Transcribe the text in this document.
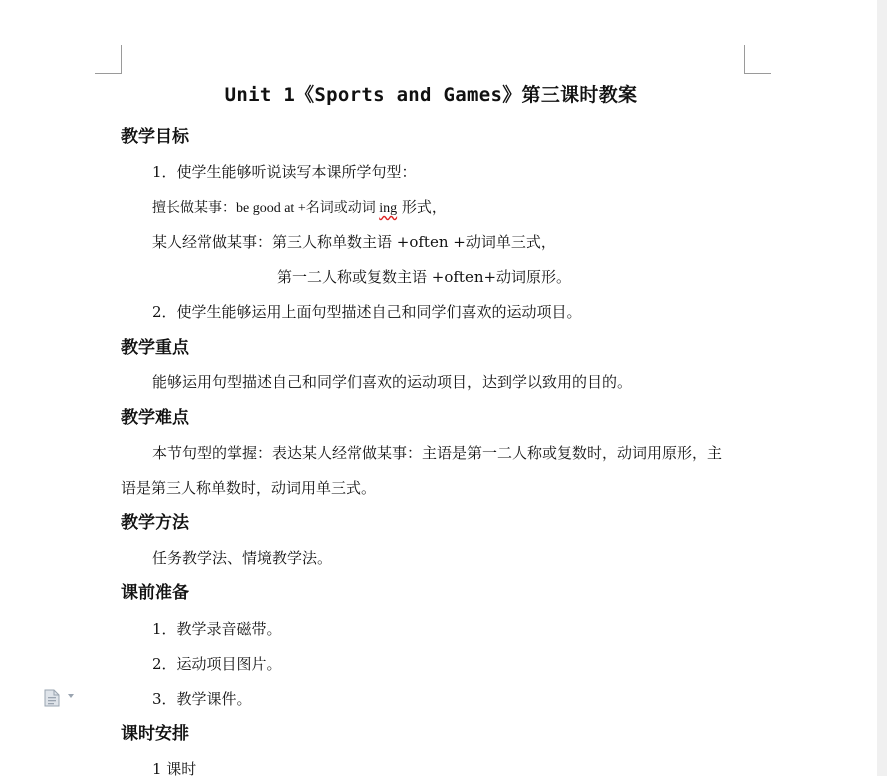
Unit 1《Sports and Games》第三课时教案
教学目标
1．使学生能够听说读写本课所学句型：
擅长做某事：be good at +名词或动词 ing 形式，
某人经常做某事：第三人称单数主语 +often +动词单三式，
第一二人称或复数主语 +often+动词原形。
2．使学生能够运用上面句型描述自己和同学们喜欢的运动项目。
教学重点
能够运用句型描述自己和同学们喜欢的运动项目，达到学以致用的目的。
教学难点
本节句型的掌握：表达某人经常做某事：主语是第一二人称或复数时，动词用原形，主
语是第三人称单数时，动词用单三式。
教学方法
任务教学法、情境教学法。
课前准备
1．教学录音磁带。
2．运动项目图片。
3．教学课件。
课时安排
1 课时
